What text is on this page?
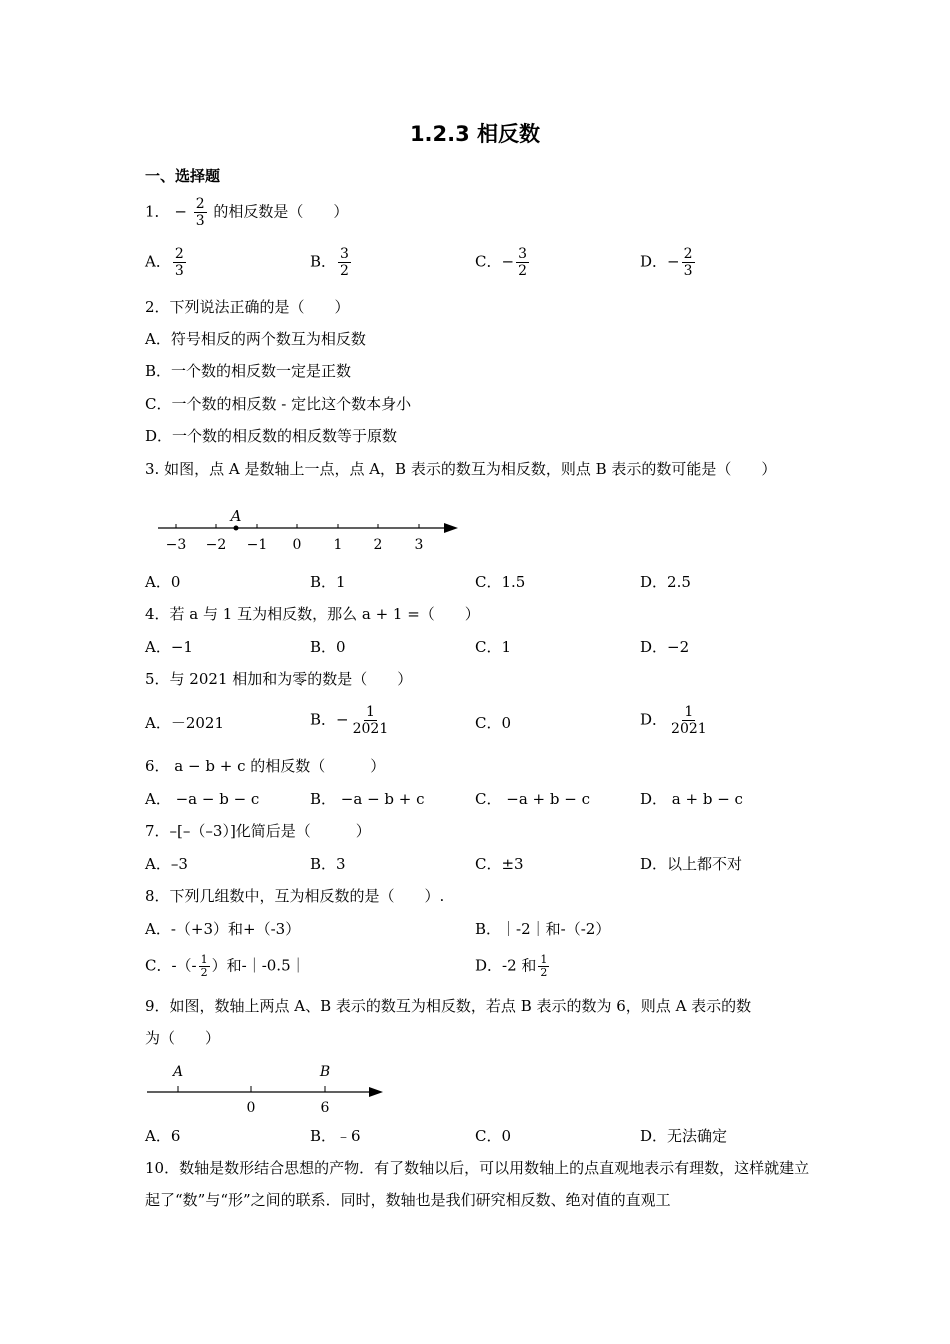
1.2.3 相反数
一、选择题
1． − $\frac{2}{3}$ 的相反数是（　　）
A． $\frac{2}{3}$	B． $\frac{3}{2}$	C．− $\frac{3}{2}$	D．− $\frac{2}{3}$
2．下列说法正确的是（　　）
A．符号相反的两个数互为相反数
B．一个数的相反数一定是正数
C．一个数的相反数 - 定比这个数本身小
D．一个数的相反数的相反数等于原数
3. 如图，点 A 是数轴上一点，点 A，B 表示的数互为相反数，则点 B 表示的数可能是（　　）
A
−3 −2 −1 0 1 2 3
A．0	B．1	C．1.5	D．2.5
4．若 a 与 1 互为相反数，那么 a + 1 =（　　）
A．−1	B．0	C．1	D．−2
5．与 2021 相加和为零的数是（　　）
A．－2021	B．− $\frac{1}{2021}$	C．0	D． $\frac{1}{2021}$
6． a − b + c 的相反数（　　　）
A． −a − b − c	B． −a − b + c	C． −a + b − c	D． a + b − c
7．–[–（–3）]化简后是（　　　）
A．–3	B．3	C．±3	D．以上都不对
8．下列几组数中，互为相反数的是（　　）.
A．-（+3）和+（-3）	B．｜-2｜和-（-2）
C．-（- $\frac{1}{2}$ ）和-｜-0.5｜	D．-2 和 $\frac{1}{2}$
9．如图，数轴上两点 A、B 表示的数互为相反数，若点 B 表示的数为 6，则点 A 表示的数
为（　　）
A	B
0	6
A．6	B．﹣6	C．0	D．无法确定
10．数轴是数形结合思想的产物．有了数轴以后，可以用数轴上的点直观地表示有理数，这样就建立起了“数”与“形”之间的联系．同时，数轴也是我们研究相反数、绝对值的直观工
